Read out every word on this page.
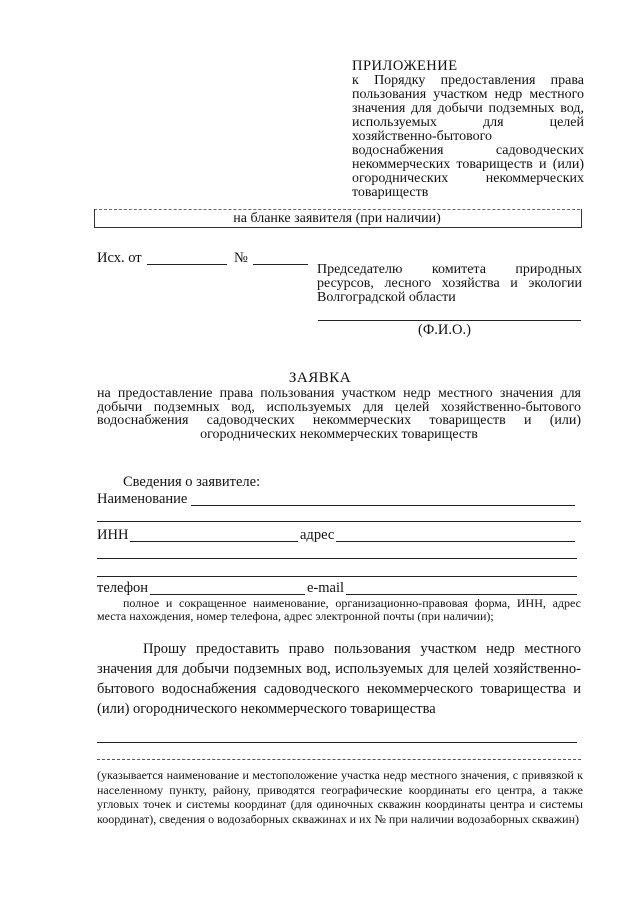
ПРИЛОЖЕНИЕ
к Порядку предоставления права пользования участком недр местного значения для добычи подземных вод, используемых для целей хозяйственно-бытового водоснабжения садоводческих некоммерческих товариществ и (или) огороднических некоммерческих товариществ
на бланке заявителя (при наличии)
Исх. от	№
Председателю комитета природных ресурсов, лесного хозяйства и экологии Волгоградской области
(Ф.И.О.)
ЗАЯВКА
на предоставление права пользования участком недр местного значения для добычи подземных вод, используемых для целей хозяйственно-бытового водоснабжения садоводческих некоммерческих товариществ и (или) огороднических некоммерческих товариществ
Сведения о заявителе:
Наименование
ИНН	адрес
телефон	e-mail
полное и сокращенное наименование, организационно-правовая форма, ИНН, адрес места нахождения, номер телефона, адрес электронной почты (при наличии);
Прошу предоставить право пользования участком недр местного значения для добычи подземных вод, используемых для целей хозяйственно-бытового водоснабжения садоводческого некоммерческого товарищества и (или) огороднического некоммерческого товарищества
(указывается наименование и местоположение участка недр местного значения, с привязкой к населенному пункту, району, приводятся географические координаты его центра, а также угловых точек и системы координат (для одиночных скважин координаты центра и системы координат), сведения о водозаборных скважинах и их № при наличии водозаборных скважин)
